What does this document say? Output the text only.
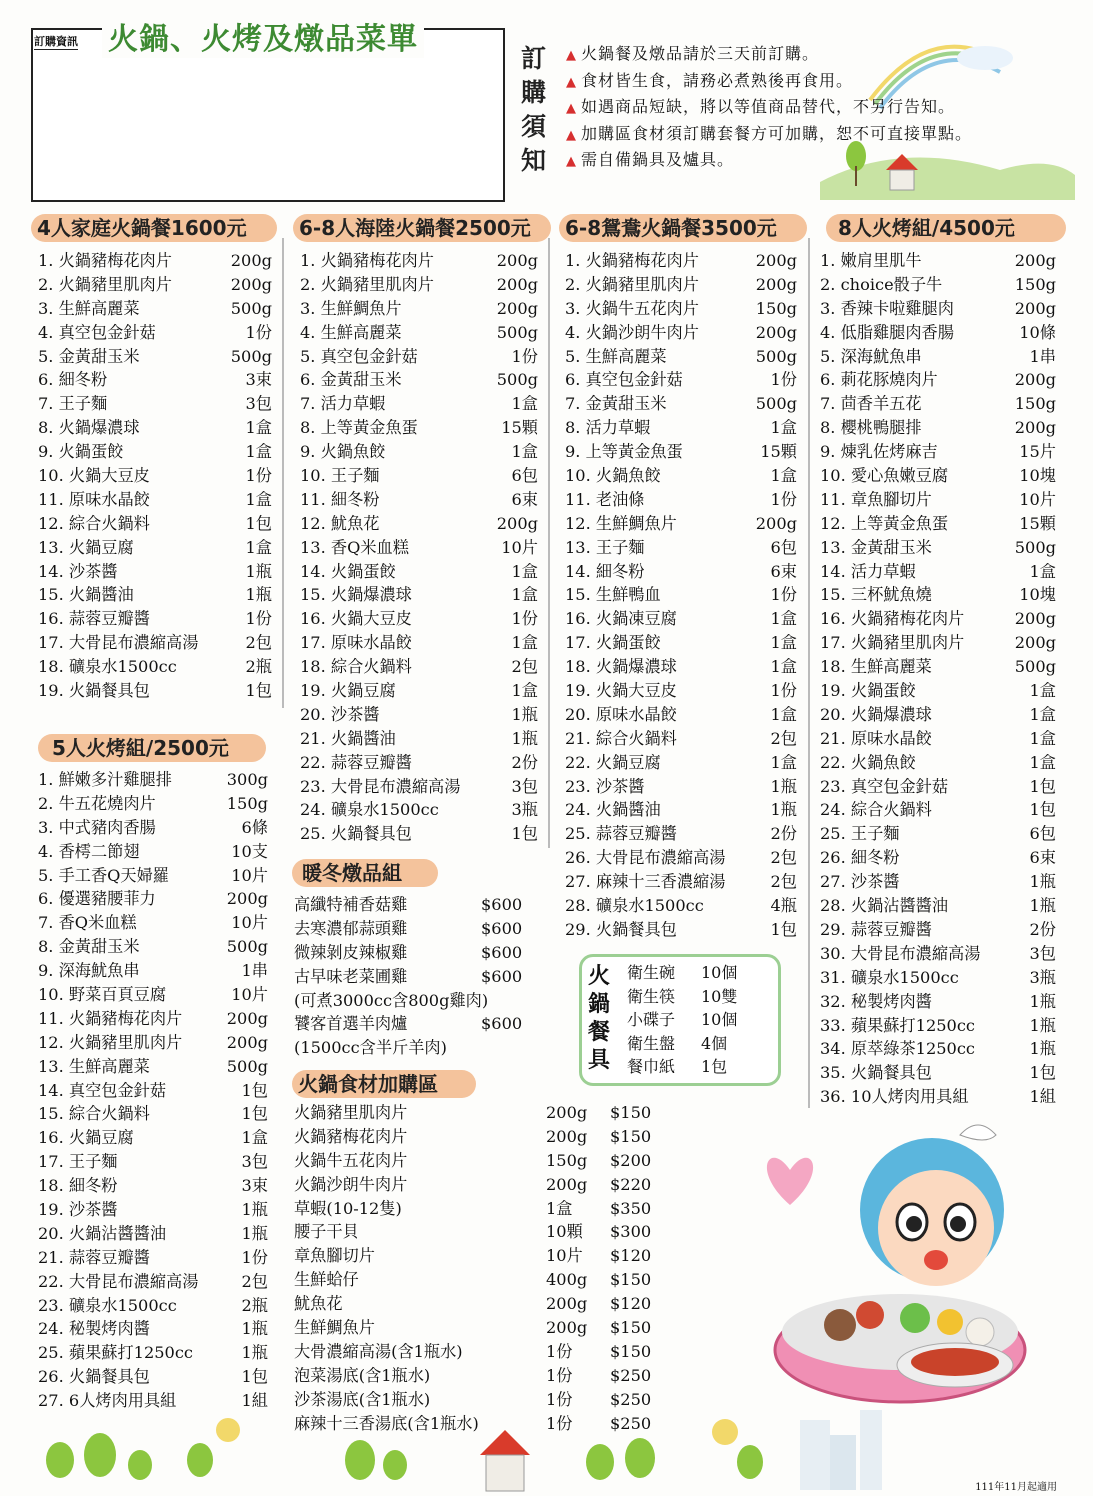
訂購資訊 火鍋、火烤及燉品菜單
訂購須知
▲ 火鍋餐及燉品請於三天前訂購。
▲ 食材皆生食，請務必煮熟後再食用。
▲ 如遇商品短缺，將以等值商品替代，不另行告知。
▲ 加購區食材須訂購套餐方可加購，恕不可直接單點。
▲ 需自備鍋具及爐具。
4人家庭火鍋餐1600元	6-8人海陸火鍋餐2500元	6-8鴛鴦火鍋餐3500元	8人火烤組/4500元
5人火烤組/2500元
暖冬燉品組
火鍋食材加購區
1. 火鍋豬梅花肉片	200g
2. 火鍋豬里肌肉片	200g
3. 生鮮高麗菜	500g
4. 真空包金針菇	1份
5. 金黃甜玉米	500g
6. 細冬粉	3束
7. 王子麵	3包
8. 火鍋爆濃球	1盒
9. 火鍋蛋餃	1盒
10. 火鍋大豆皮	1份
11. 原味水晶餃	1盒
12. 綜合火鍋料	1包
13. 火鍋豆腐	1盒
14. 沙茶醬	1瓶
15. 火鍋醬油	1瓶
16. 蒜蓉豆瓣醬	1份
17. 大骨昆布濃縮高湯	2包
18. 礦泉水1500cc	2瓶
19. 火鍋餐具包	1包
1. 鮮嫩多汁雞腿排	300g
2. 牛五花燒肉片	150g
3. 中式豬肉香腸	6條
4. 香樗二節翅	10支
5. 手工香Q天婦羅	10片
6. 優選豬腰菲力	200g
7. 香Q米血糕	10片
8. 金黃甜玉米	500g
9. 深海魷魚串	1串
10. 野菜百頁豆腐	10片
11. 火鍋豬梅花肉片	200g
12. 火鍋豬里肌肉片	200g
13. 生鮮高麗菜	500g
14. 真空包金針菇	1包
15. 綜合火鍋料	1包
16. 火鍋豆腐	1盒
17. 王子麵	3包
18. 細冬粉	3束
19. 沙茶醬	1瓶
20. 火鍋沾醬醬油	1瓶
21. 蒜蓉豆瓣醬	1份
22. 大骨昆布濃縮高湯	2包
23. 礦泉水1500cc	2瓶
24. 秘製烤肉醬	1瓶
25. 蘋果蘇打1250cc	1瓶
26. 火鍋餐具包	1包
27. 6人烤肉用具組	1組
1. 火鍋豬梅花肉片	200g
2. 火鍋豬里肌肉片	200g
3. 生鮮鯛魚片	200g
4. 生鮮高麗菜	500g
5. 真空包金針菇	1份
6. 金黃甜玉米	500g
7. 活力草蝦	1盒
8. 上等黃金魚蛋	15顆
9. 火鍋魚餃	1盒
10. 王子麵	6包
11. 細冬粉	6束
12. 魷魚花	200g
13. 香Q米血糕	10片
14. 火鍋蛋餃	1盒
15. 火鍋爆濃球	1盒
16. 火鍋大豆皮	1份
17. 原味水晶餃	1盒
18. 綜合火鍋料	2包
19. 火鍋豆腐	1盒
20. 沙茶醬	1瓶
21. 火鍋醬油	1瓶
22. 蒜蓉豆瓣醬	2份
23. 大骨昆布濃縮高湯	3包
24. 礦泉水1500cc	3瓶
25. 火鍋餐具包	1包
1. 火鍋豬梅花肉片	200g
2. 火鍋豬里肌肉片	200g
3. 火鍋牛五花肉片	150g
4. 火鍋沙朗牛肉片	200g
5. 生鮮高麗菜	500g
6. 真空包金針菇	1份
7. 金黃甜玉米	500g
8. 活力草蝦	1盒
9. 上等黃金魚蛋	15顆
10. 火鍋魚餃	1盒
11. 老油條	1份
12. 生鮮鯛魚片	200g
13. 王子麵	6包
14. 細冬粉	6束
15. 生鮮鴨血	1份
16. 火鍋凍豆腐	1盒
17. 火鍋蛋餃	1盒
18. 火鍋爆濃球	1盒
19. 火鍋大豆皮	1份
20. 原味水晶餃	1盒
21. 綜合火鍋料	2包
22. 火鍋豆腐	1盒
23. 沙茶醬	1瓶
24. 火鍋醬油	1瓶
25. 蒜蓉豆瓣醬	2份
26. 大骨昆布濃縮高湯	2包
27. 麻辣十三香濃縮湯	2包
28. 礦泉水1500cc	4瓶
29. 火鍋餐具包	1包
1. 嫩肩里肌牛	200g
2. choice骰子牛	150g
3. 香辣卡啦雞腿肉	200g
4. 低脂雞腿肉香腸	10條
5. 深海魷魚串	1串
6. 莿花豚燒肉片	200g
7. 茴香羊五花	150g
8. 櫻桃鴨腿排	200g
9. 煉乳佐烤麻吉	15片
10. 愛心魚嫩豆腐	10塊
11. 章魚腳切片	10片
12. 上等黃金魚蛋	15顆
13. 金黃甜玉米	500g
14. 活力草蝦	1盒
15. 三杯魷魚燒	10塊
16. 火鍋豬梅花肉片	200g
17. 火鍋豬里肌肉片	200g
18. 生鮮高麗菜	500g
19. 火鍋蛋餃	1盒
20. 火鍋爆濃球	1盒
21. 原味水晶餃	1盒
22. 火鍋魚餃	1盒
23. 真空包金針菇	1包
24. 綜合火鍋料	1包
25. 王子麵	6包
26. 細冬粉	6束
27. 沙茶醬	1瓶
28. 火鍋沾醬醬油	1瓶
29. 蒜蓉豆瓣醬	2份
30. 大骨昆布濃縮高湯	3包
31. 礦泉水1500cc	3瓶
32. 秘製烤肉醬	1瓶
33. 蘋果蘇打1250cc	1瓶
34. 原萃綠茶1250cc	1瓶
35. 火鍋餐具包	1包
36. 10人烤肉用具組	1組
高纖特補香菇雞	$600
去寒濃郁蒜頭雞	$600
微辣剝皮辣椒雞	$600
古早味老菜圃雞	$600
(可煮3000cc含800g雞肉)
饕客首選羊肉爐	$600
(1500cc含半斤羊肉)
火鍋豬里肌肉片	200g $150
火鍋豬梅花肉片	200g $150
火鍋牛五花肉片	150g $200
火鍋沙朗牛肉片	200g $220
草蝦(10-12隻)	1盒 $350
腰子干貝	10顆 $300
章魚腳切片	10片 $120
生鮮蛤仔	400g $150
魷魚花	200g $120
生鮮鯛魚片	200g $150
大骨濃縮高湯(含1瓶水)	1份 $150
泡菜湯底(含1瓶水)	1份 $250
沙茶湯底(含1瓶水)	1份 $250
麻辣十三香湯底(含1瓶水)	1份 $250
火鍋餐具
衛生碗 10個
衛生筷 10雙
小碟子 10個
衛生盤 4個
餐巾紙 1包
111年11月起適用
